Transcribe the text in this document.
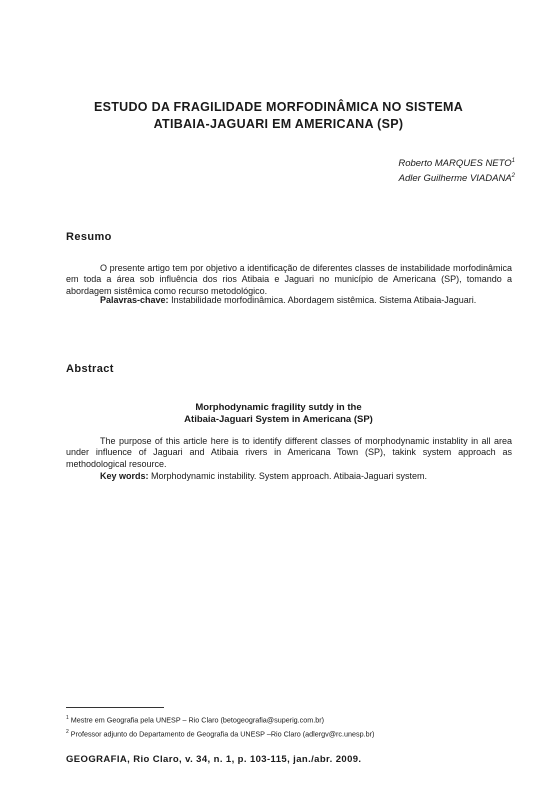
ESTUDO DA FRAGILIDADE MORFODINÂMICA NO SISTEMA
ATIBAIA-JAGUARI EM AMERICANA (SP)
Roberto MARQUES NETO$^1$
Adler Guilherme VIADANA$^2$
Resumo

O presente artigo tem por objetivo a identificação de diferentes classes de instabilidade morfodinâmica em toda a área sob influência dos rios Atibaia e Jaguari no município de Americana (SP), tomando a abordagem sistêmica como recurso metodológico.

Palavras-chave: Instabilidade morfodinâmica. Abordagem sistêmica. Sistema Atibaia-Jaguari.

Abstract
Morphodynamic fragility sutdy in the
Atibaia-Jaguari System in Americana (SP)

The purpose of this article here is to identify different classes of morphodynamic instablity in all area under influence of Jaguari and Atibaia rivers in Americana Town (SP), takink system approach as methodological resource.

Key words: Morphodynamic instability. System approach. Atibaia-Jaguari system.

$^1$ Mestre em Geografia pela UNESP – Rio Claro (betogeografia@superig.com.br)
$^2$ Professor adjunto do Departamento de Geografia da UNESP –Rio Claro (adlergv@rc.unesp.br)
GEOGRAFIA, Rio Claro, v. 34, n. 1, p. 103-115, jan./abr. 2009.
